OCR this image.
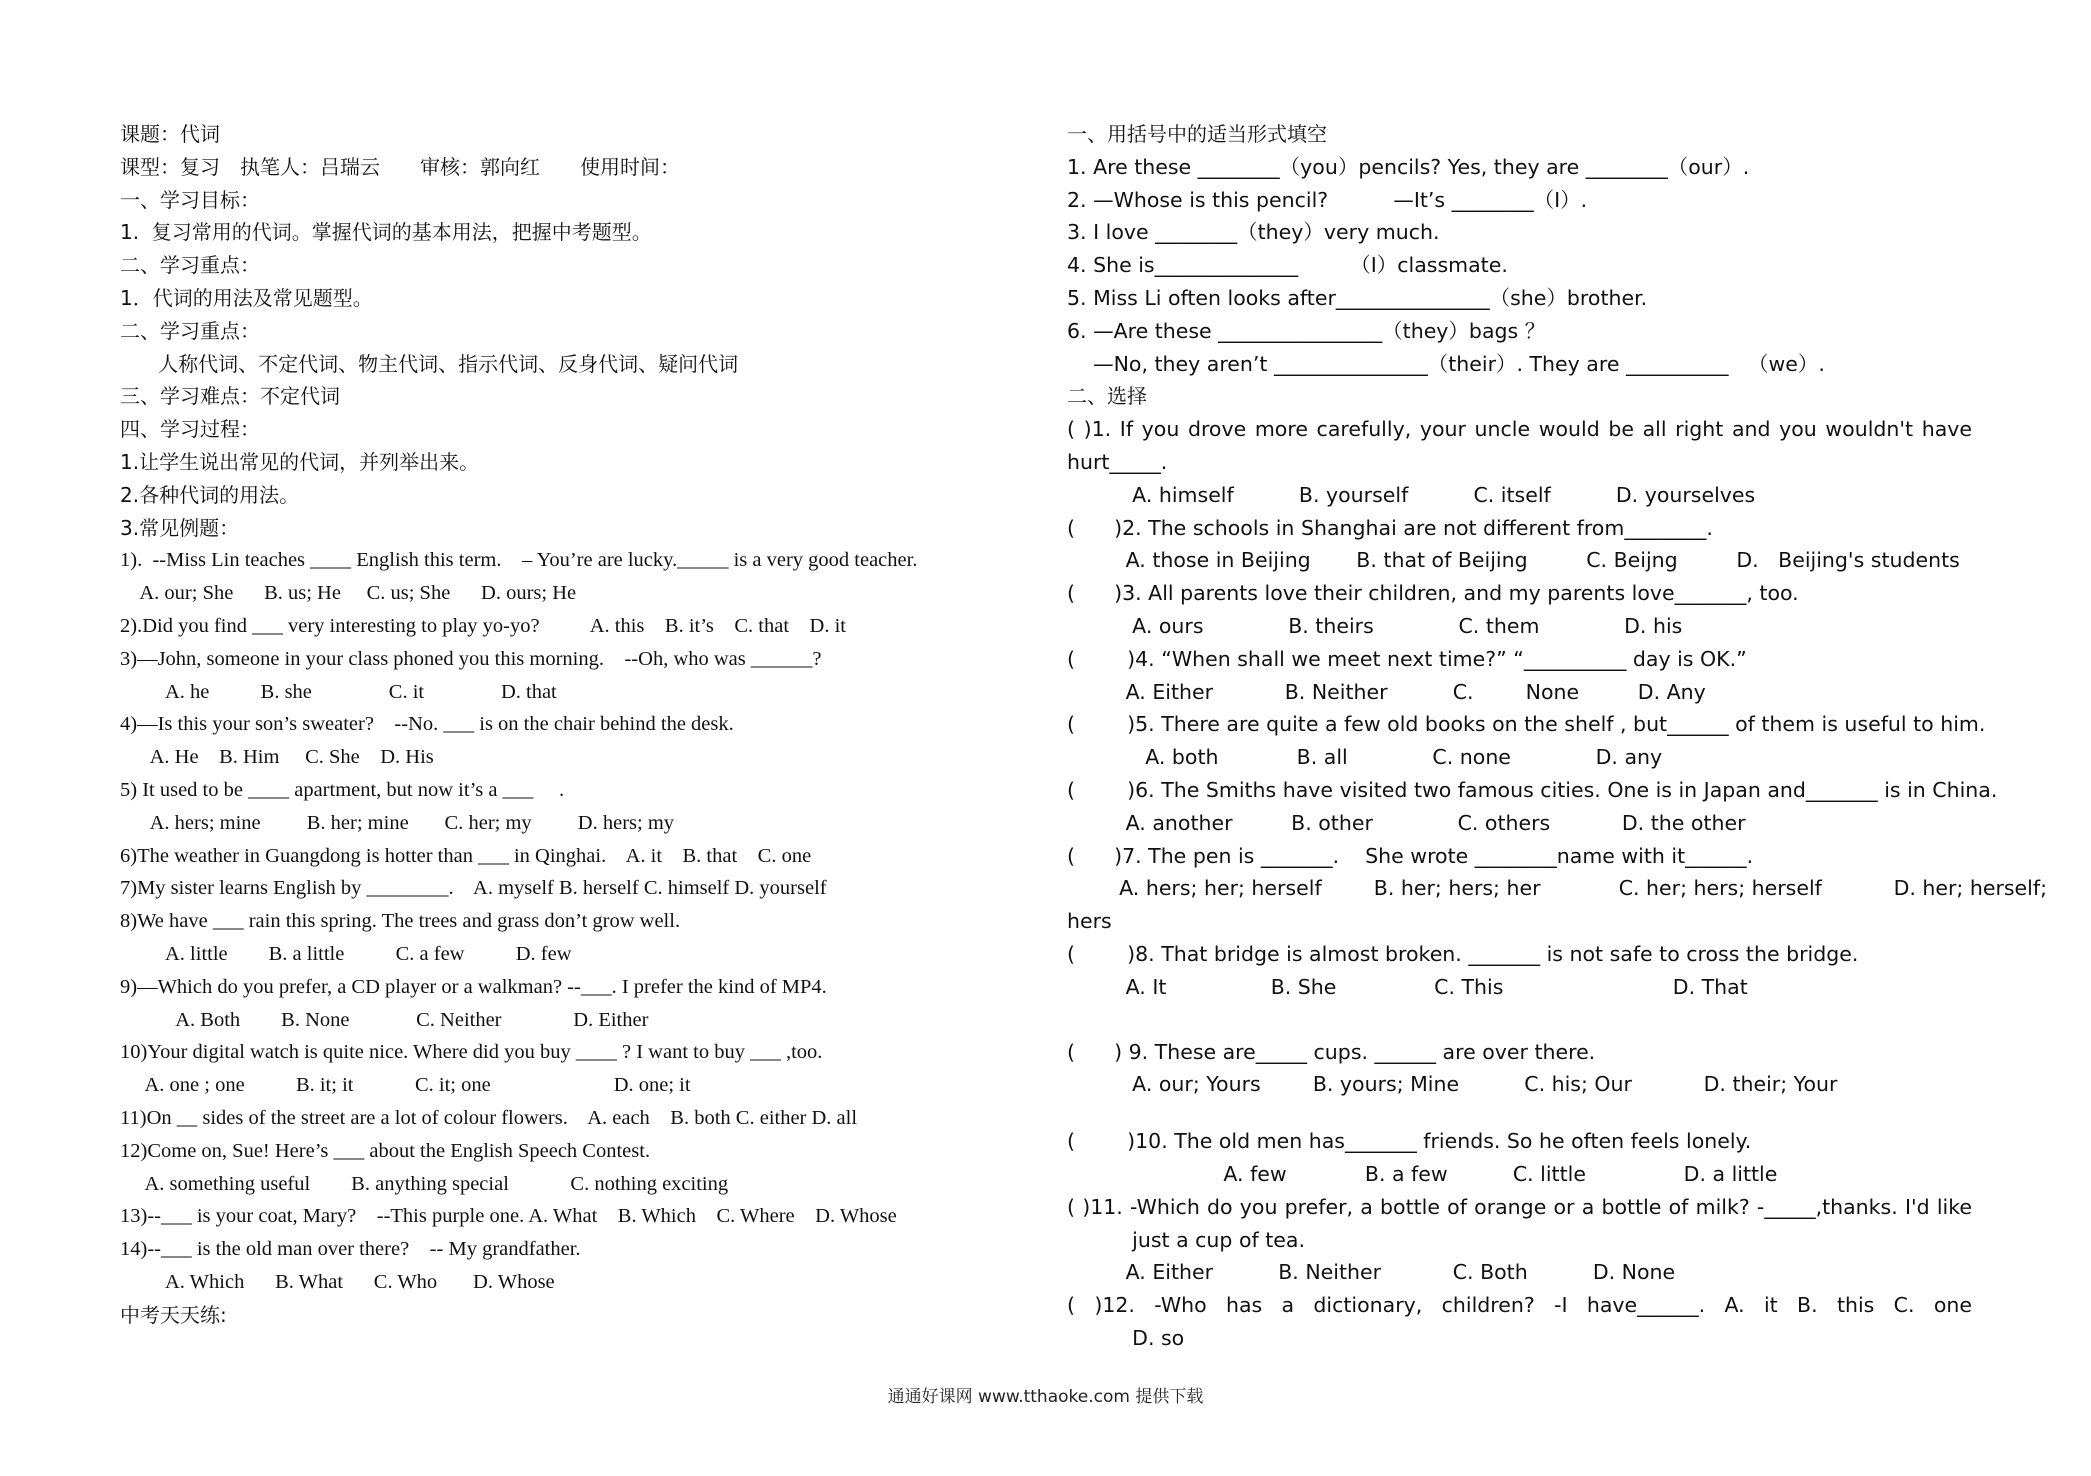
课题：代词
课型：复习　执笔人：吕瑞云　　审核：郭向红　　使用时间：
一、学习目标：
1.  复习常用的代词。掌握代词的基本用法，把握中考题型。
二、学习重点：
1．代词的用法及常见题型。
二、学习重点：
人称代词、不定代词、物主代词、指示代词、反身代词、疑问代词
三、学习难点：不定代词
四、学习过程：
1.让学生说出常见的代词，并列举出来。
2.各种代词的用法。
3.常见例题：
1).  --Miss Lin teaches ____ English this term.    – You’re are lucky._____ is a very good teacher.
A. our; She      B. us; He     C. us; She      D. ours; He
2).Did you find ___ very interesting to play yo-yo?          A. this    B. it’s    C. that    D. it
3)—John, someone in your class phoned you this morning.    --Oh, who was ______?
A. he          B. she               C. it               D. that
4)—Is this your son’s sweater?    --No. ___ is on the chair behind the desk.
A. He    B. Him     C. She    D. His
5) It used to be ____ apartment, but now it’s a ___     .
A. hers; mine         B. her; mine       C. her; my         D. hers; my
6)The weather in Guangdong is hotter than ___ in Qinghai.    A. it    B. that    C. one
7)My sister learns English by ________.    A. myself B. herself C. himself D. yourself
8)We have ___ rain this spring. The trees and grass don’t grow well.
A. little        B. a little          C. a few          D. few
9)—Which do you prefer, a CD player or a walkman? --___. I prefer the kind of MP4.
A. Both        B. None             C. Neither              D. Either
10)Your digital watch is quite nice. Where did you buy ____ ? I want to buy ___ ,too.
A. one ; one          B. it; it            C. it; one                        D. one; it
11)On __ sides of the street are a lot of colour flowers.    A. each    B. both C. either D. all
12)Come on, Sue! Here’s ___ about the English Speech Contest.
A. something useful        B. anything special            C. nothing exciting
13)--___ is your coat, Mary?    --This purple one. A. What    B. Which    C. Where    D. Whose
14)--___ is the old man over there?    -- My grandfather.
A. Which      B. What      C. Who       D. Whose
中考天天练:
一、用括号中的适当形式填空
1. Are these ________（you）pencils? Yes, they are ________（our）.
2. —Whose is this pencil?          —It’s ________（I）.
3. I love ________（they）very much.
4. She is______________        （I）classmate.
5. Miss Li often looks after_______________（she）brother.
6. —Are these ________________（they）bags ？
—No, they aren’t _______________（their）. They are __________   （we）.
二、选择
( )1. If you drove more carefully, your uncle would be all right and you wouldn't have
hurt_____.
A. himself          B. yourself          C. itself          D. yourselves
(      )2. The schools in Shanghai are not different from________.
A. those in Beijing       B. that of Beijing         C. Beijng         D.   Beijing's students
(      )3. All parents love their children, and my parents love_______, too.
A. ours             B. theirs             C. them             D. his
(        )4. “When shall we meet next time?” “__________ day is OK.”
A. Either           B. Neither          C.        None         D. Any
(        )5. There are quite a few old books on the shelf , but______ of them is useful to him.
A. both            B. all             C. none             D. any
(        )6. The Smiths have visited two famous cities. One is in Japan and_______ is in China.
A. another         B. other             C. others           D. the other
(      )7. The pen is _______.    She wrote ________name with it______.
A. hers; her; herself        B. her; hers; her            C. her; hers; herself           D. her; herself;
hers
(        )8. That bridge is almost broken. _______ is not safe to cross the bridge.
A. It                B. She               C. This                          D. That
(      ) 9. These are_____ cups. ______ are over there.
A. our; Yours        B. yours; Mine          C. his; Our           D. their; Your
(        )10. The old men has_______ friends. So he often feels lonely.
A. few            B. a few          C. little               D. a little
( )11. -Which do you prefer, a bottle of orange or a bottle of milk? -_____,thanks. I'd like
just a cup of tea.
A. Either          B. Neither           C. Both          D. None
( )12. -Who has a dictionary, children? -I have______. A. it B. this C. one
D. so
通通好课网 www.tthaoke.com 提供下载
